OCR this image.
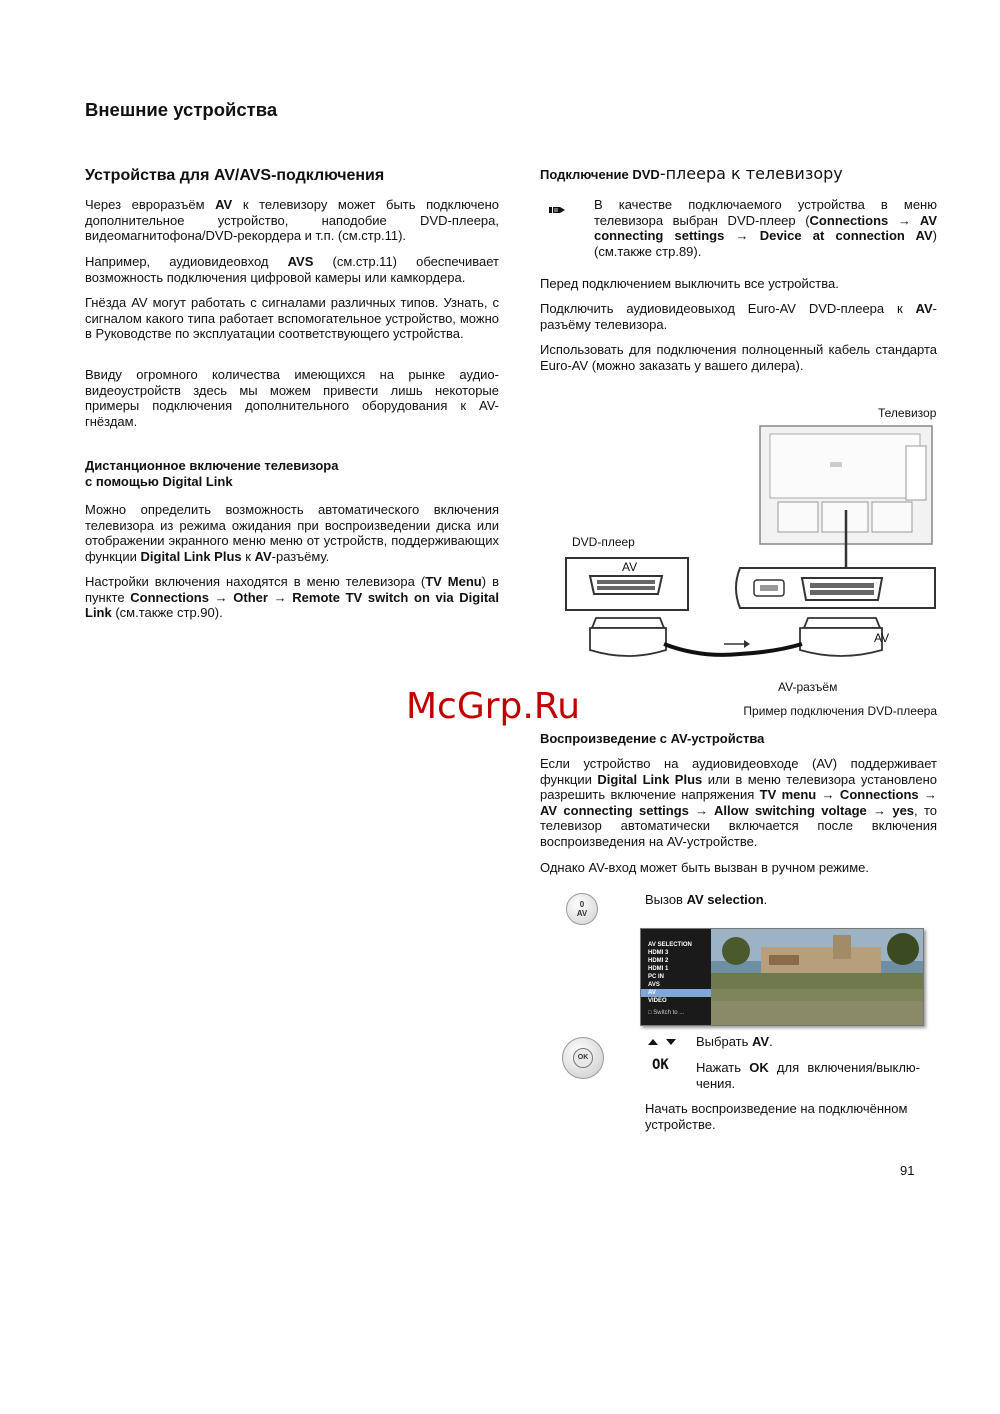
Внешние устройства
Устройства для AV/AVS-подключения

Через евроразъём AV к телевизору может быть подключено дополнительное устройство, наподобие DVD-плеера, видеомагнитофона/DVD-рекордера и т.п. (см.стр.11).

Например, аудиовидеовход AVS (см.стр.11) обеспечивает возможность подключения цифровой камеры или камкордера.

Гнёзда AV могут работать с сигналами различных типов. Узнать, с сигналом какого типа работает вспомогательное устройство, можно в Руководстве по эксплуатации соответствующего устройства.

Ввиду огромного количества имеющихся на рынке аудио-видеоустройств здесь мы можем привести лишь некоторые примеры подключения дополнительного оборудования к AV-гнёздам.

Дистанционное включение телевизора
с помощью Digital Link

Можно определить возможность автоматического включения телевизора из режима ожидания при воспроизведении диска или отображении экранного меню меню от устройств, поддерживающих функции Digital Link Plus к AV-разъёму.

Настройки включения находятся в меню телевизора (TV Menu) в пункте Connections → Other → Remote TV switch on via Digital Link (см.также стр.90).

Подключение DVD-плеера к телевизору

В качестве подключаемого устройства в меню телевизора выбран DVD-плеер (Connections → AV connecting settings → Device at connection AV) (см.также стр.89).

Перед подключением выключить все устройства.

Подключить аудиовидеовыход Euro-AV DVD-плеера к AV-разъёму телевизора.

Использовать для подключения полноценный кабель стандарта Euro-AV (можно заказать у вашего дилера).

Телевизор
DVD-плеер
AV
AV
AV-разъём
Пример подключения DVD-плеера
McGrp.Ru
Воспроизведение с AV-устройства

Если устройство на аудиовидеовходе (AV) поддерживает функции Digital Link Plus или в меню телевизора установлено разрешить включение напряжения TV menu → Connections → AV connecting settings → Allow switching voltage → yes, то телевизор автоматически включается после включения воспроизведения на AV-устройстве.

Однако AV-вход может быть вызван в ручном режиме.

0
AV
Вызов AV selection.
AV SELECTION
HDMI 3
HDMI 2
HDMI 1
PC IN
AVS
AV
VIDEO
□ Switch to ...
OK
Выбрать AV.
OK Нажать OK для включения/выклю-чения.

Начать воспроизведение на подключённом устройстве.

91
